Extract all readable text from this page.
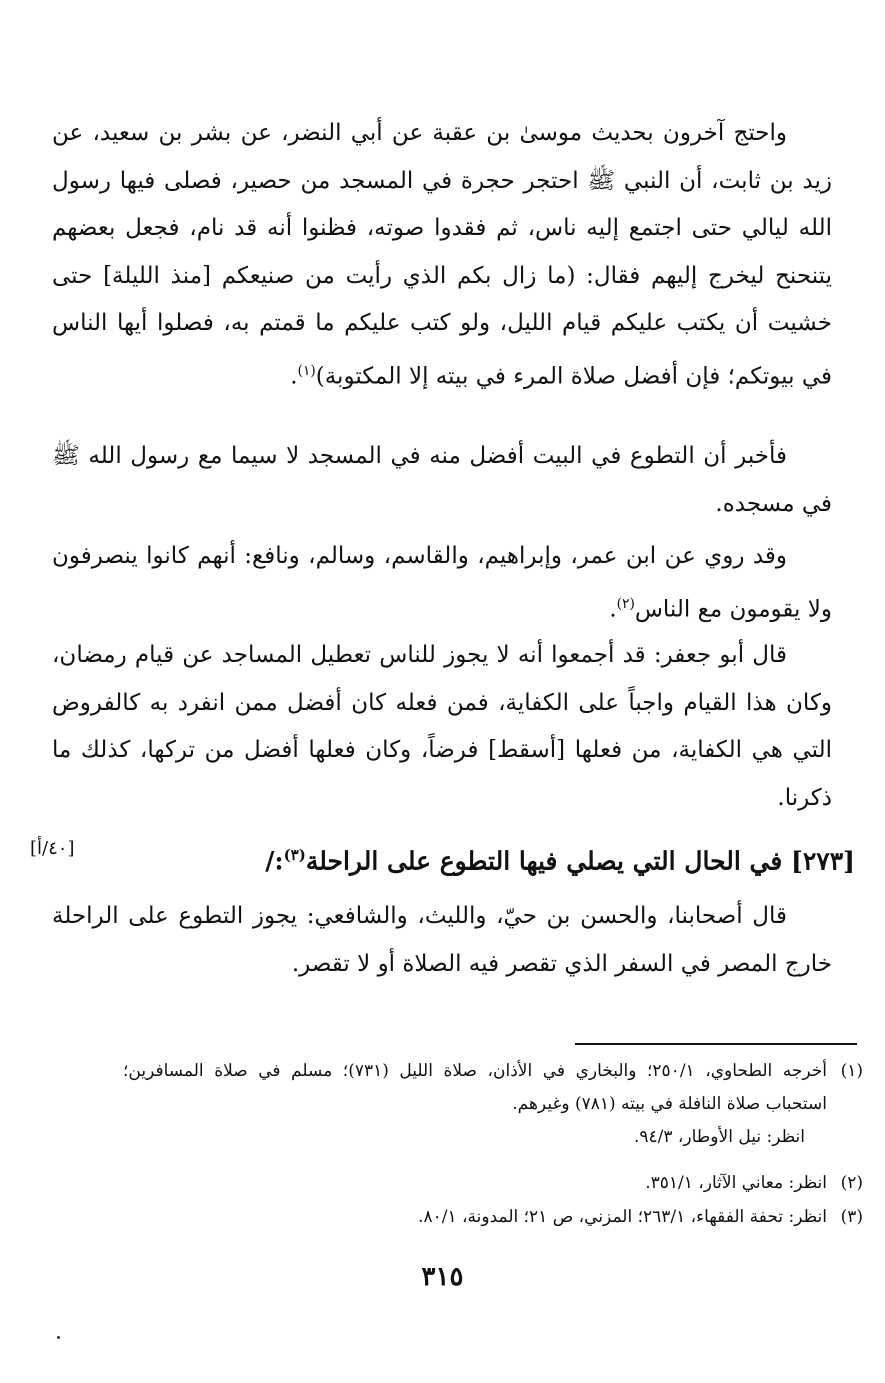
واحتج آخرون بحديث موسىٰ بن عقبة عن أبي النضر، عن بشر بن سعيد، عن زيد بن ثابت، أن النبي ﷺ احتجر حجرة في المسجد من حصير، فصلى فيها رسول الله ليالي حتى اجتمع إليه ناس، ثم فقدوا صوته، فظنوا أنه قد نام، فجعل بعضهم يتنحنح ليخرج إليهم فقال: (ما زال بكم الذي رأيت من صنيعكم [منذ الليلة] حتى خشيت أن يكتب عليكم قيام الليل، ولو كتب عليكم ما قمتم به، فصلوا أيها الناس في بيوتكم؛ فإن أفضل صلاة المرء في بيته إلا المكتوبة)$^{(١)}$.

فأخبر أن التطوع في البيت أفضل منه في المسجد لا سيما مع رسول الله ﷺ في مسجده.

وقد روي عن ابن عمر، وإبراهيم، والقاسم، وسالم، ونافع: أنهم كانوا ينصرفون ولا يقومون مع الناس$^{(٢)}$.

قال أبو جعفر: قد أجمعوا أنه لا يجوز للناس تعطيل المساجد عن قيام رمضان، وكان هذا القيام واجباً على الكفاية، فمن فعله كان أفضل ممن انفرد به كالفروض التي هي الكفاية، من فعلها [أسقط] فرضاً، وكان فعلها أفضل من تركها، كذلك ما ذكرنا.

[٢٧٣] في الحال التي يصلي فيها التطوع على الراحلة$^{(٣)}$:/
[٤٠/أ]

قال أصحابنا، والحسن بن حيّ، والليث، والشافعي: يجوز التطوع على الراحلة خارج المصر في السفر الذي تقصر فيه الصلاة أو لا تقصر.

(١)
أخرجه الطحاوي، ٢٥٠/١؛ والبخاري في الأذان، صلاة الليل (٧٣١)؛ مسلم في صلاة المسافرين؛ استحباب صلاة النافلة في بيته (٧٨١) وغيرهم.
انظر: نيل الأوطار، ٩٤/٣.
(٢)
انظر: معاني الآثار، ٣٥١/١.
(٣)
انظر: تحفة الفقهاء، ٢٦٣/١؛ المزني، ص ٢١؛ المدونة، ٨٠/١.
٣١٥
